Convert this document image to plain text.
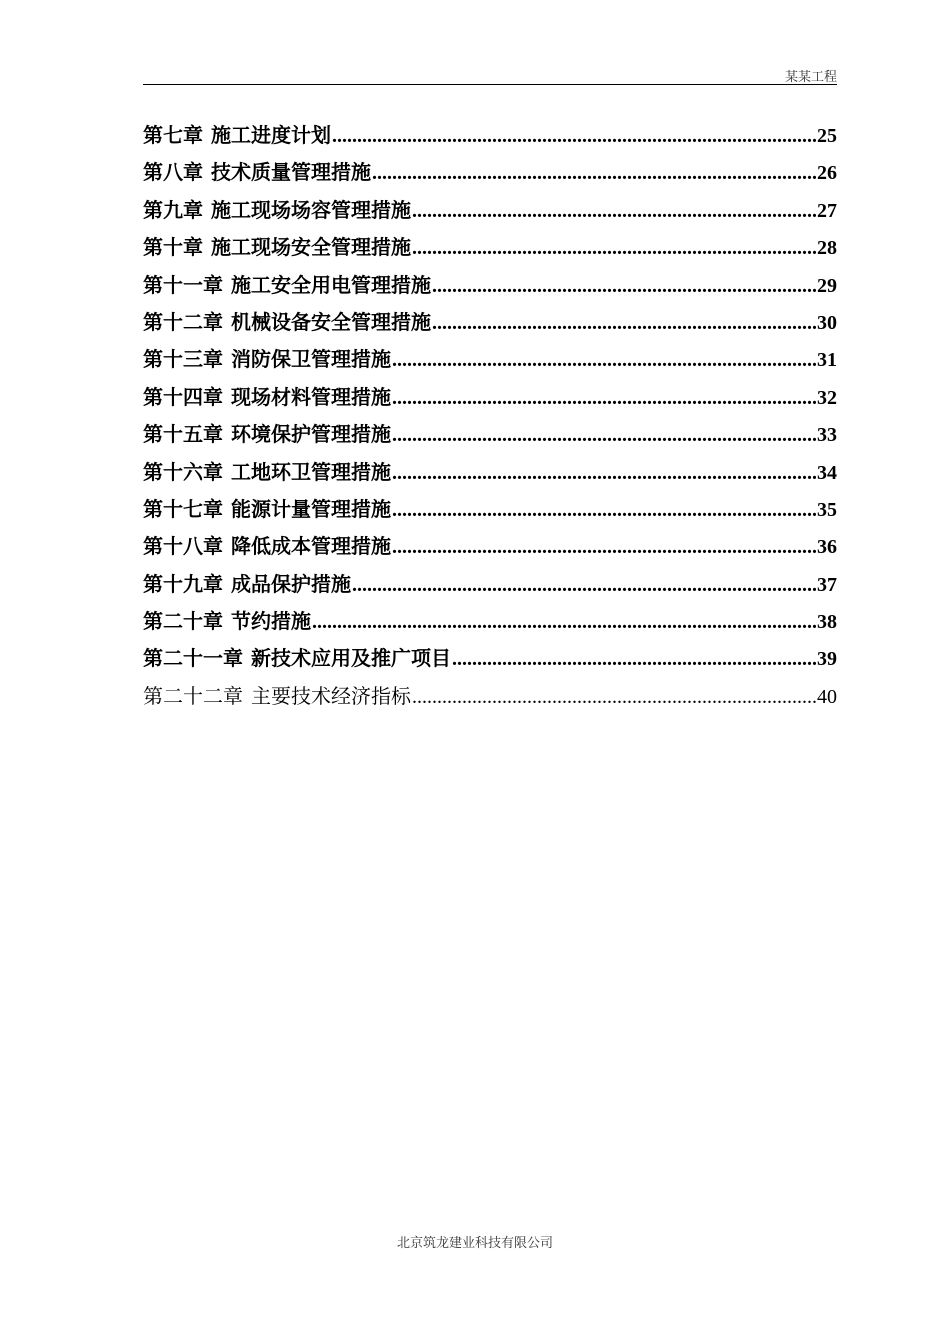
某某工程
第七章 施工进度计划 .....	25
第八章 技术质量管理措施 .....	26
第九章 施工现场场容管理措施 .....	27
第十章 施工现场安全管理措施 .....	28
第十一章 施工安全用电管理措施 .....	29
第十二章 机械设备安全管理措施 .....	30
第十三章 消防保卫管理措施 .....	31
第十四章 现场材料管理措施 .....	32
第十五章 环境保护管理措施 .....	33
第十六章 工地环卫管理措施 .....	34
第十七章 能源计量管理措施 .....	35
第十八章 降低成本管理措施 .....	36
第十九章 成品保护措施 .....	37
第二十章 节约措施 .....	38
第二十一章 新技术应用及推广项目 .....	39
第二十二章 主要技术经济指标 .....	40
北京筑龙建业科技有限公司
